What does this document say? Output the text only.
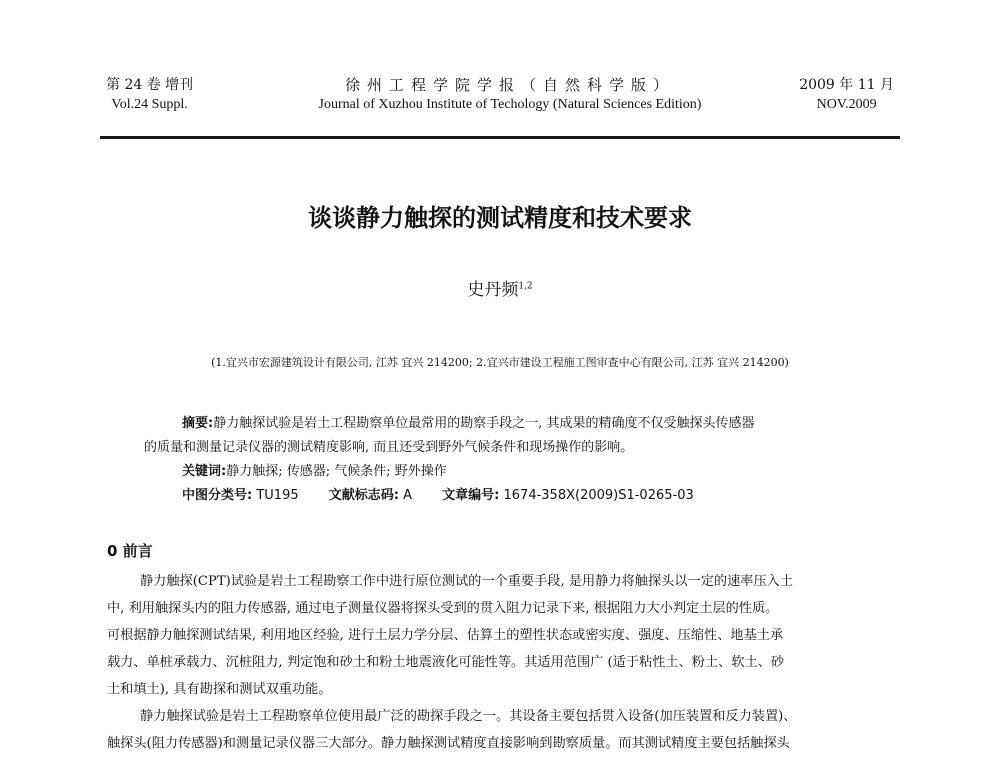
第 24 卷 增刊
Vol.24 Suppl.
徐州工程学院学报（自然科学版）
Journal of Xuzhou Institute of Techology (Natural Sciences Edition)
2009 年 11 月
NOV.2009
谈谈静力触探的测试精度和技术要求
史丹频$^{1,2}$
(1.宜兴市宏源建筑设计有限公司, 江苏 宜兴 214200; 2.宜兴市建设工程施工图审查中心有限公司, 江苏 宜兴 214200)
摘要:静力触探试验是岩土工程勘察单位最常用的勘察手段之一, 其成果的精确度不仅受触探头传感器
的质量和测量记录仪器的测试精度影响, 而且还受到野外气候条件和现场操作的影响。
关键词:静力触探; 传感器; 气候条件; 野外操作
中图分类号: TU195 文献标志码: A 文章编号: 1674-358X(2009)S1-0265-03
0 前言
静力触探(CPT)试验是岩土工程勘察工作中进行原位测试的一个重要手段, 是用静力将触探头以一定的速率压入土
中, 利用触探头内的阻力传感器, 通过电子测量仪器将探头受到的贯入阻力记录下来, 根据阻力大小判定土层的性质。
可根据静力触探测试结果, 利用地区经验, 进行土层力学分层、估算土的塑性状态或密实度、强度、压缩性、地基土承
载力、单桩承载力、沉桩阻力, 判定饱和砂土和粉土地震液化可能性等。其适用范围广 (适于粘性土、粉土、软土、砂
土和填土), 具有勘探和测试双重功能。
静力触探试验是岩土工程勘察单位使用最广泛的勘探手段之一。其设备主要包括贯入设备(加压装置和反力装置)、
触探头(阻力传感器)和测量记录仪器三大部分。静力触探测试精度直接影响到勘察质量。而其测试精度主要包括触探头
